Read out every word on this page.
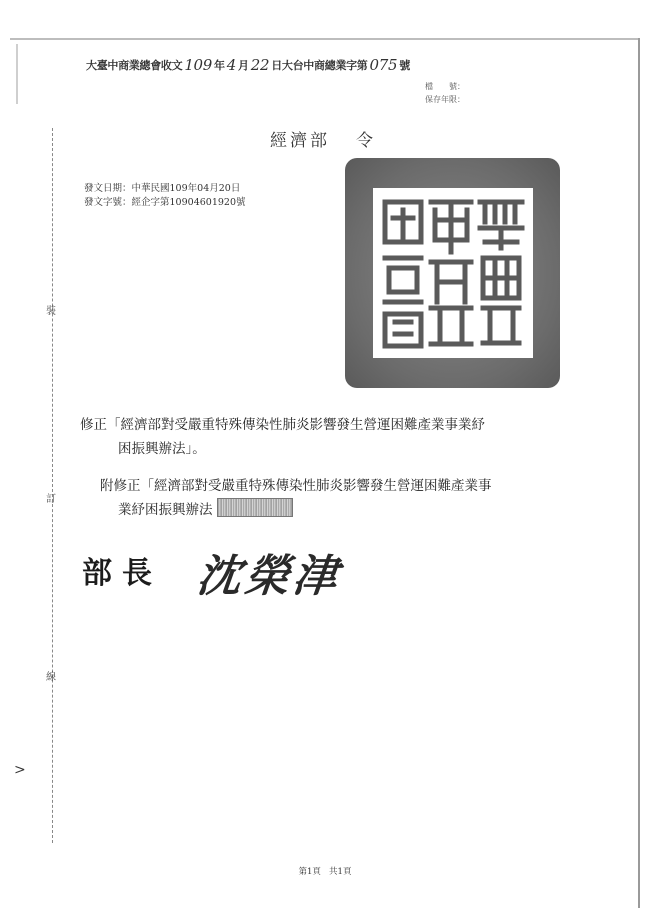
大臺中商業總會收文 109 年 4 月 22 日 大台中商總業字第 075 號
檔　　號：
保存年限：
經濟部 令
發文日期：中華民國109年04月20日
發文字號：經企字第10904601920號
裝
訂
線
修正「經濟部對受嚴重特殊傳染性肺炎影響發生營運困難產業事業紓
困振興辦法」。
附修正「經濟部對受嚴重特殊傳染性肺炎影響發生營運困難產業事
業紓困振興辦法
部長 沈榮津
>
第1頁 共1頁
